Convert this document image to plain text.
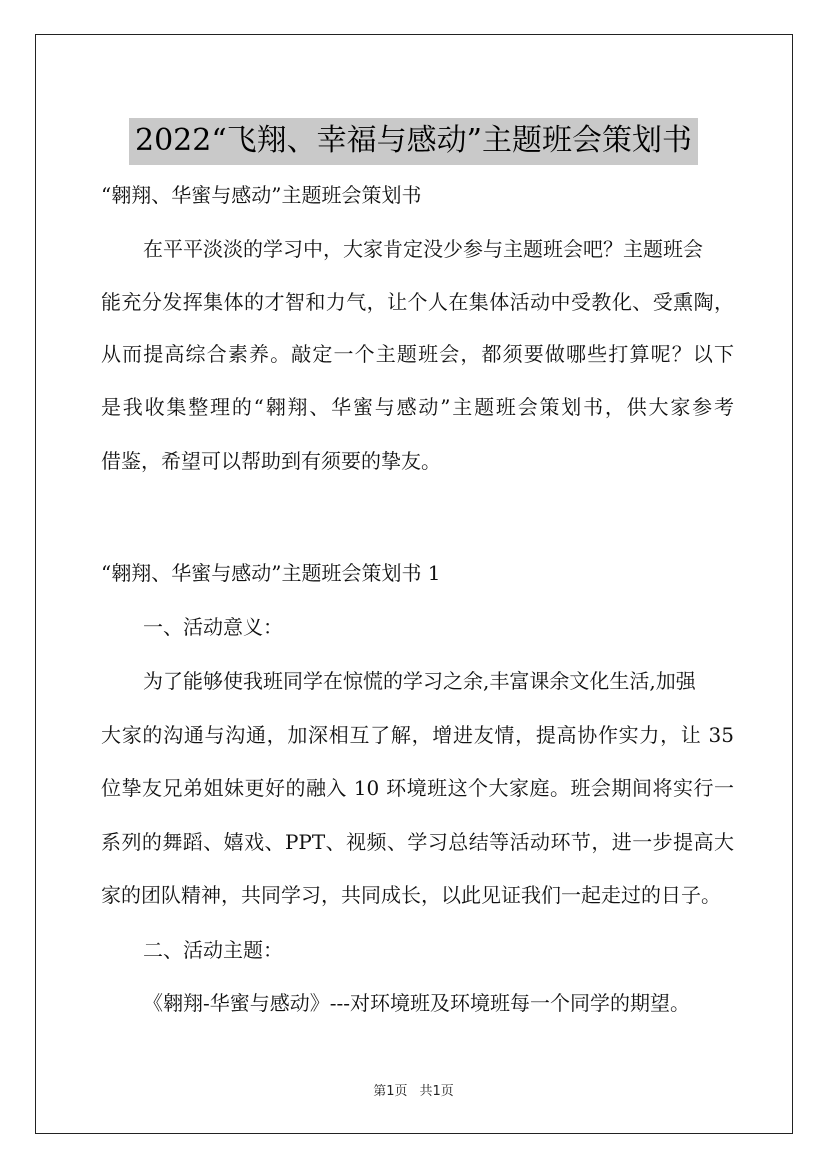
2022“飞翔、幸福与感动”主题班会策划书
“翱翔、华蜜与感动”主题班会策划书
在平平淡淡的学习中，大家肯定没少参与主题班会吧？主题班会
能充分发挥集体的才智和力气，让个人在集体活动中受教化、受熏陶，
从而提高综合素养。敲定一个主题班会，都须要做哪些打算呢？以下
是我收集整理的“翱翔、华蜜与感动”主题班会策划书，供大家参考
借鉴，希望可以帮助到有须要的挚友。
“翱翔、华蜜与感动”主题班会策划书 1
一、活动意义：
为了能够使我班同学在惊慌的学习之余,丰富课余文化生活,加强
大家的沟通与沟通，加深相互了解，增进友情，提高协作实力，让 35
位挚友兄弟姐妹更好的融入 10 环境班这个大家庭。班会期间将实行一
系列的舞蹈、嬉戏、PPT、视频、学习总结等活动环节，进一步提高大
家的团队精神，共同学习，共同成长，以此见证我们一起走过的日子。
二、活动主题：
《翱翔-华蜜与感动》---对环境班及环境班每一个同学的期望。
第1页 共1页
